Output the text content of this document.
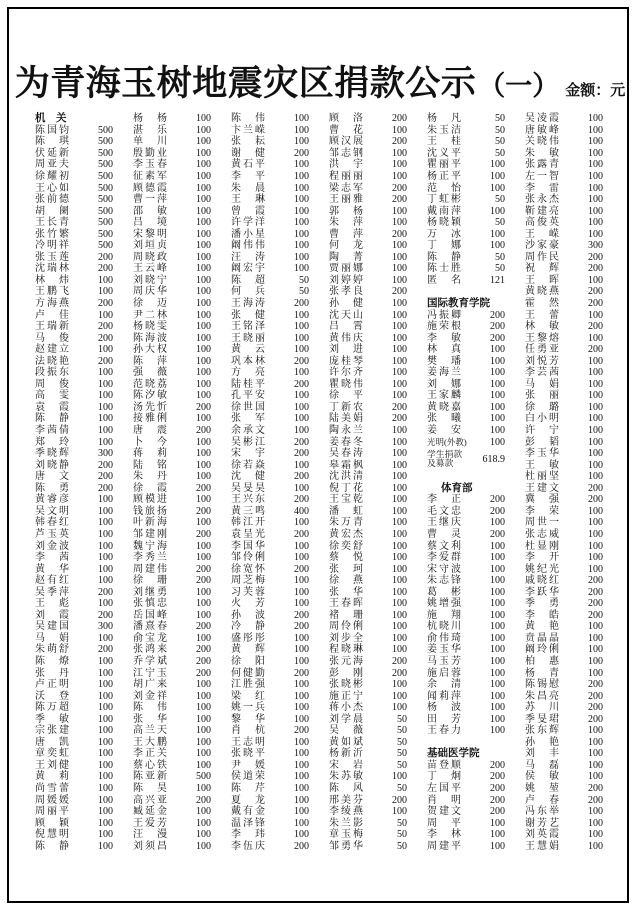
为青海玉树地震灾区捐款公示 （一） 金额：元
机　关
陈国钧	500
陈　琪	500
伏延新	500
周亚夫	500
徐耀初	500
王心如	500
张前德	500
胡　阑	500
王长青	500
张竹繁	500
冷明祥	500
张玉莲	200
沈瑞林	200
林　炜	100
王鹏飞	100
方海燕	200
卢　佳	100
王瑞新	200
马　俊	200
赵建立	100
法晓艳	200
段振东	100
周　俊	100
高　雯	100
袁　霞	100
陈　静	100
李茜倩	100
郑　玲	100
季晓辉	300
刘晓静	200
唐　文	200
陈　勇	200
黄睿彦	100
吴文明	100
韩春红	100
芦玉英	100
刘金波	100
李　茜	100
黄　华	100
赵有红	100
吴季萍	200
王　彪	100
刘　霞	200
吴建国	300
马　娟	100
朱萌舒	200
陈　燎	100
张　丹	100
卢正明	100
沃　登	100
陈万超	100
季　敏	100
宗张建	100
唐　凯	100
章奕虹	100
王刘健	100
黄　莉	100
尚雪蕾	100
周媛媛	100
周丽平	100
顾　颖	100
倪慧明	100
陈　静	100
杨　杨	100
湛　乐	100
单　川	100
殷勤业	100
李玉春	100
征素军	100
顾德霞	100
曹一萍	100
邵　敏	100
吕　境	100
宋黎明	100
刘垣贞	100
周晓政	100
王云峰	100
刘晓宁	100
周庆华	100
徐　迈	100
尹二林	100
杨晓雯	100
陈海波	100
孙大权	100
陈　萍	100
强　薇	100
范晓荔	100
陈汐敏	100
汤先忻	200
接雅俐	100
唐　震	200
卜　今	100
蒋　莉	100
陆　铭	100
朱　丹	100
徐　霞	200
顾模进	100
钱旅扬	200
叶新海	100
邹建刚	200
魏宁海	100
李秀兰	100
周建伟	200
徐　珊	200
刘继勇	100
张慎忠	100
岳国峰	100
潘熹春	200
俞宝龙	100
张鸿来	200
乔学斌	200
江宁玉	200
胡广来	100
刘金祥	100
陈　伟	100
张　华	100
高兰天	100
王大鹏	100
李正关	100
蔡心铁	100
陈亚新	500
陈　昊	100
高兴亚	200
臧延金	100
王爱芳	100
汪　漫	100
刘须昌	100
陈　伟	100
卞兰嵘	100
张　耘	100
谢　健	200
黄石平	100
李　平	100
朱　晨	100
王　琳	100
曾　霞	100
许学洋	100
潘小星	100
阚伟伟	100
汪　涛	100
阚宏宇	100
陈　超	50
何　兵	50
王海涛	200
张　健	100
王铭泽	100
王晓丽	100
黄　云	100
巩本林	200
方　亮	100
陆桂平	200
孔平安	100
徐世国	100
张　军	100
余承文	100
吴彬江	200
宋　宇	200
徐若焱	100
沈　健	200
吴旻昊	100
王兴东	200
黄三鸣	400
韩江开	100
袁呈光	200
李国华	100
邹伶俐	100
徐宽怀	200
周芝梅	100
习芙蓉	100
火　芳	100
孙　波	200
冷　静	200
盛彤彤	100
黄　辉	100
徐　阳	100
何健勤	200
江胜强	100
梁　红	100
姚一兵	100
黎　华	100
肖　杭	200
王志明	100
张晓平	100
尹　媛	100
侯道荣	100
陈　芹	100
夏　龙	100
戴有金	100
温泽锋	100
李　玮	100
李伍庆	200
顾　洛	200
曹　花	100
顾汉展	200
邹志钢	100
洪　宇	100
程丽丽	100
梁志军	200
王丽雅	200
郭　杨	100
朱　萍	100
曹　萍	200
何　龙	100
陶　菁	100
贾丽娜	100
刘婷婷	100
张孝良	200
孙　健	100
沈天山	100
吕　霄	100
黄伟庆	100
刘　进	100
庞桂琴	100
许尔齐	100
瞿晓伟	100
徐　平	100
丁新农	200
陆美娟	200
陶永兰	100
姜春冬	100
吴春涛	100
皋霜枫	100
沈洪清	100
倪丁花	100
王宝乾	100
潘　虹	100
朱万青	100
黄宏杰	100
徐奕舒	100
蔡　悦	100
张　珂	100
徐　燕	100
张　华	100
王春晖	100
褚　珊	100
周伶俐	100
刘步全	100
程晓琳	100
张元海	200
彭　刚	200
张晓彬	100
施正宁	100
蒋小杰	100
刘学晨	50
吴　薇	50
黄如斌	50
杨新沂	50
宋　岩	50
朱苏敏	100
陈　风	50
邢美芬	200
李绫燕	100
朱兰影	50
章玉梅	50
邹勇华	50
杨　凡	50
朱玉洁	50
王　桂	50
沈义平	50
瞿丽平	100
杨正平	100
范　怡	100
丁虹彬	50
戴南萍	100
杨晓颖	50
万　冰	100
丁　娜	100
陈　静	50
陈士胜	50
匿　名	121
国际教育学院
冯振卿	200
施荣根	200
李　敏	200
林　真	100
樊　璠	100
姜海兰	100
刘　娜	100
王家麟	100
黄晓嘉	100
张　曦	100
姜　安	100
光明(外教) 100
学生捐款
及募款	618.9
体育部
李　正	200
毛文忠	200
王继庆	100
曹　灵	200
蔡文利	100
李爱群	100
宋守波	100
朱志锋	100
葛　彬	100
姚增强	100
施　翔	100
杭晓川	100
俞伟琦	100
姜玉华	100
马玉芳	100
施启蓉	100
余　清	100
闻莉萍	100
杨　波	100
田　芳	100
王春力	100
基础医学院
苗登顺	200
丁　炯	200
左国平	200
肖　明	200
贺建文	200
周　平	100
李　林	100
周建平	100
吴凌霞	100
唐敏峰	100
关晓伟	100
朱　敏	100
张露青	100
左一智	100
李　雷	100
张永杰	100
靳建亮	100
高俊英	100
王　嵘	100
沙家豪	300
周作民	200
祝　辉	200
王　晖	100
黄晓燕	200
霍　然	200
王　蕾	100
林　敏	200
王黎熔	100
任勇亚	200
刘悦芳	100
李芸茜	100
马　娟	100
张　丽	100
徐　璐	100
白小明	100
许　宁	100
彭　韬	100
李玉华	100
王　敏	100
杜丽坚	100
王建文	200
冀　强	200
李　荣	100
周世一	100
张志威	100
杜显刚	100
李　开	100
姚纪光	100
戚晓红	200
李跃华	200
季　勇	200
李　皓	200
黄　艳	100
贲晶晶	100
阚玲俐	100
柏　惠	100
杨　青	100
陈锡慰	200
朱昌亮	200
苏　川	200
季旻珺	200
张东辉	100
孙　艳	100
刘　丰	100
马　磊	100
侯　敏	100
姚　堃	200
卢　春	200
冯东举	100
谢芳艺	100
刘英霞	100
王慧娟	100
